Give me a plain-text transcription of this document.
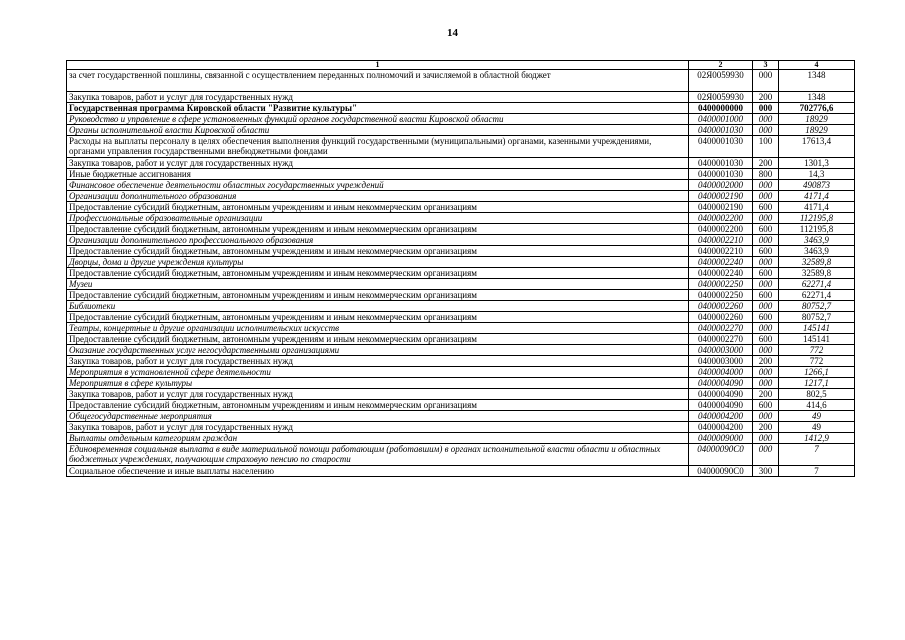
14
1	2	3	4
за счет государственной пошлины, связанной с осуществлением переданных полномочий и зачисляемой в областной бюджет	02Я0059930	000	1348
Закупка товаров, работ и услуг для государственных нужд	02Я0059930	200	1348
Государственная программа Кировской области "Развитие культуры"	0400000000	000	702776,6
Руководство и управление в сфере установленных функций органов государственной власти Кировской области	0400001000	000	18929
Органы исполнительной власти Кировской области	0400001030	000	18929
Расходы на выплаты персоналу в целях обеспечения выполнения функций государственными (муниципальными) органами, казенными учреждениями, органами управления государственными внебюджетными фондами	0400001030	100	17613,4
Закупка товаров, работ и услуг для государственных нужд	0400001030	200	1301,3
Иные бюджетные ассигнования	0400001030	800	14,3
Финансовое обеспечение деятельности областных государственных учреждений	0400002000	000	490873
Организации дополнительного образования	0400002190	000	4171,4
Предоставление субсидий бюджетным, автономным учреждениям и иным некоммерческим организациям	0400002190	600	4171,4
Профессиональные образовательные организации	0400002200	000	112195,8
Предоставление субсидий бюджетным, автономным учреждениям и иным некоммерческим организациям	0400002200	600	112195,8
Организации дополнительного профессионального образования	0400002210	000	3463,9
Предоставление субсидий бюджетным, автономным учреждениям и иным некоммерческим организациям	0400002210	600	3463,9
Дворцы, дома и другие учреждения культуры	0400002240	000	32589,8
Предоставление субсидий бюджетным, автономным учреждениям и иным некоммерческим организациям	0400002240	600	32589,8
Музеи	0400002250	000	62271,4
Предоставление субсидий бюджетным, автономным учреждениям и иным некоммерческим организациям	0400002250	600	62271,4
Библиотеки	0400002260	000	80752,7
Предоставление субсидий бюджетным, автономным учреждениям и иным некоммерческим организациям	0400002260	600	80752,7
Театры, концертные и другие организации исполнительских искусств	0400002270	000	145141
Предоставление субсидий бюджетным, автономным учреждениям и иным некоммерческим организациям	0400002270	600	145141
Оказание государственных услуг негосударственными организациями	0400003000	000	772
Закупка товаров, работ и услуг для государственных нужд	0400003000	200	772
Мероприятия в установленной сфере деятельности	0400004000	000	1266,1
Мероприятия в сфере культуры	0400004090	000	1217,1
Закупка товаров, работ и услуг для государственных нужд	0400004090	200	802,5
Предоставление субсидий бюджетным, автономным учреждениям и иным некоммерческим организациям	0400004090	600	414,6
Общегосударственные мероприятия	0400004200	000	49
Закупка товаров, работ и услуг для государственных нужд	0400004200	200	49
Выплаты отдельным категориям граждан	0400009000	000	1412,9
Единовременная социальная выплата в виде материальной помощи работающим (работавшим) в органах исполнительной власти области и областных бюджетных учреждениях, получающим страховую пенсию по старости	04000090C0	000	7
Социальное обеспечение и иные выплаты населению	04000090C0	300	7
